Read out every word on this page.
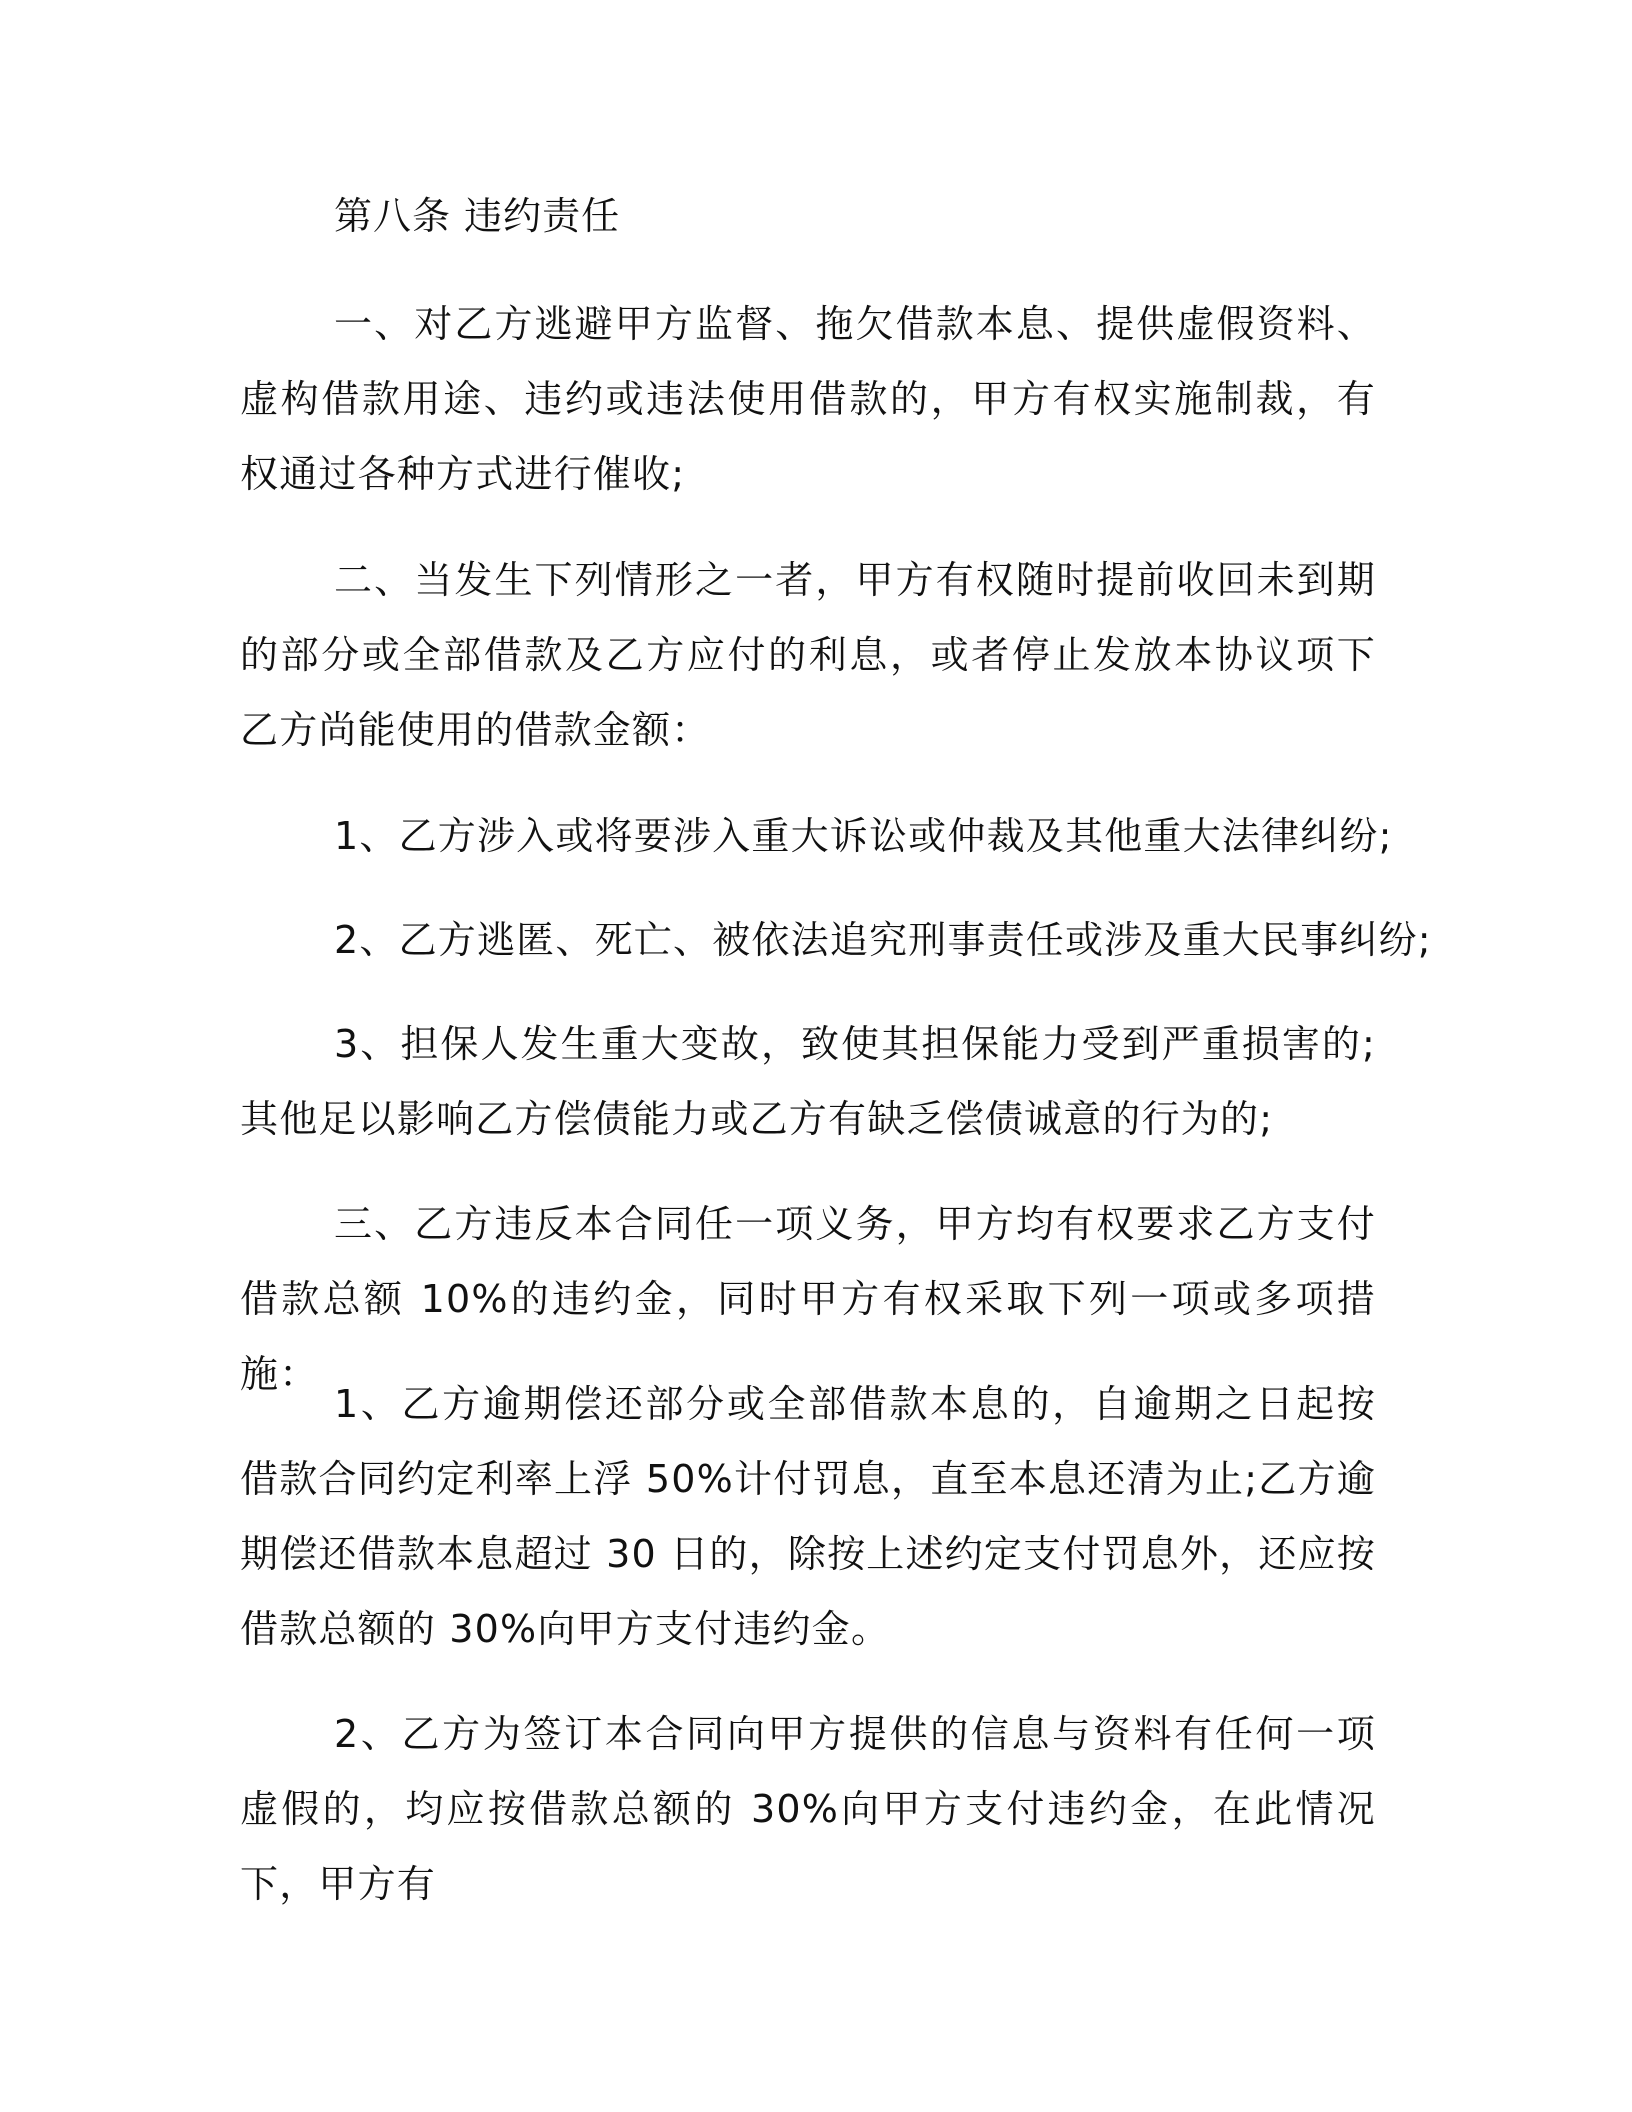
第八条 违约责任

一、对乙方逃避甲方监督、拖欠借款本息、提供虚假资料、虚构借款用途、违约或违法使用借款的，甲方有权实施制裁，有权通过各种方式进行催收;

二、当发生下列情形之一者，甲方有权随时提前收回未到期的部分或全部借款及乙方应付的利息，或者停止发放本协议项下乙方尚能使用的借款金额：

1、乙方涉入或将要涉入重大诉讼或仲裁及其他重大法律纠纷;

2、乙方逃匿、死亡、被依法追究刑事责任或涉及重大民事纠纷;

3、担保人发生重大变故，致使其担保能力受到严重损害的;其他足以影响乙方偿债能力或乙方有缺乏偿债诚意的行为的;

三、乙方违反本合同任一项义务，甲方均有权要求乙方支付借款总额 10%的违约金，同时甲方有权采取下列一项或多项措施：

1、乙方逾期偿还部分或全部借款本息的，自逾期之日起按借款合同约定利率上浮 50%计付罚息，直至本息还清为止;乙方逾期偿还借款本息超过 30 日的，除按上述约定支付罚息外，还应按借款总额的 30%向甲方支付违约金。

2、乙方为签订本合同向甲方提供的信息与资料有任何一项虚假的，均应按借款总额的 30%向甲方支付违约金，在此情况下，甲方有
